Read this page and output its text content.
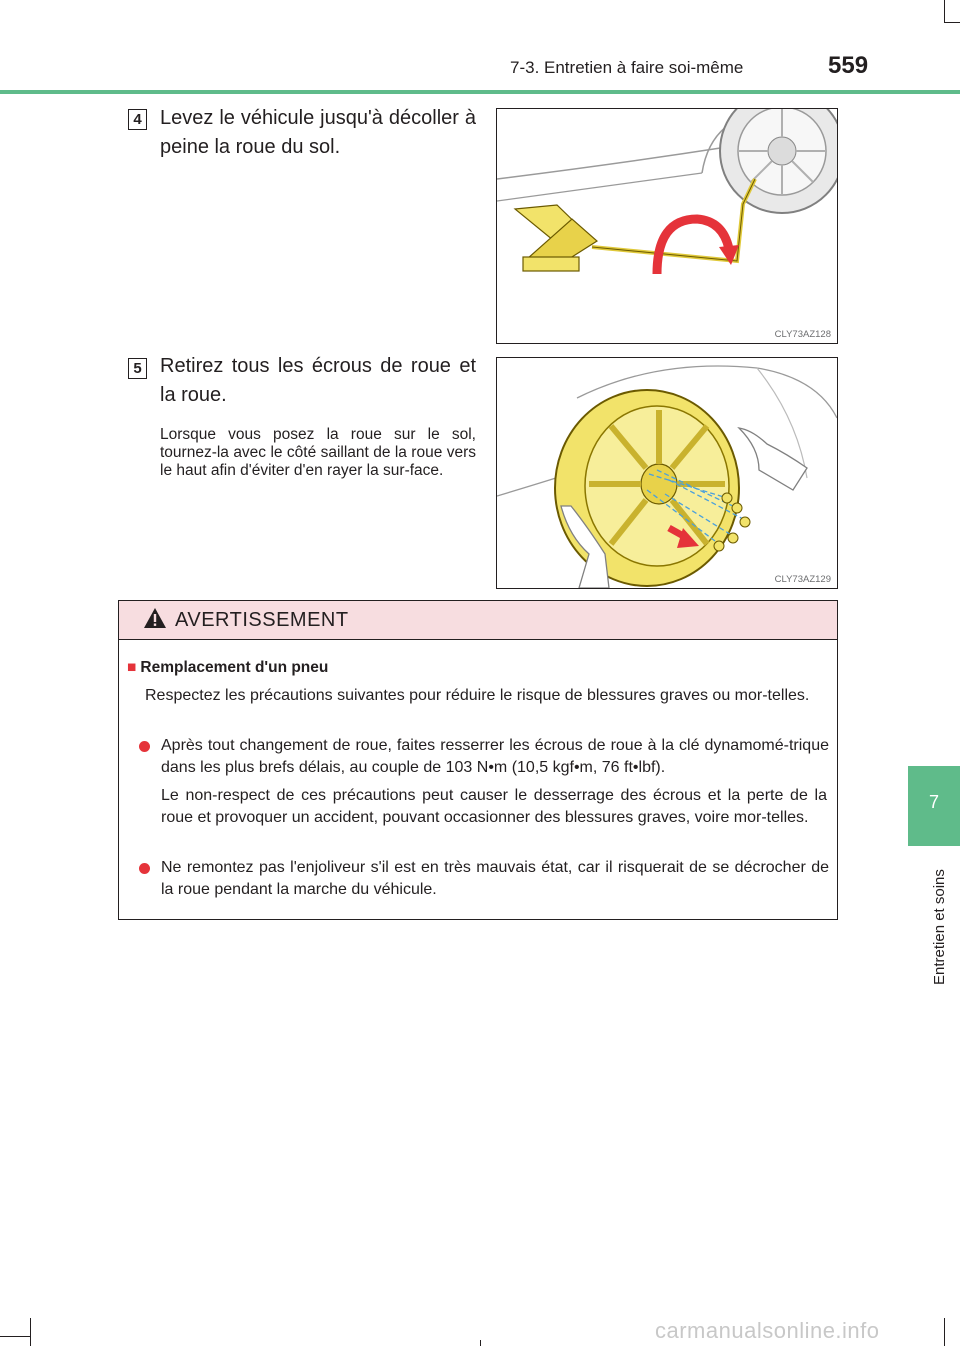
7-3. Entretien à faire soi-même	559
7
Entretien et soins
4 Levez le véhicule jusqu'à décoller à peine la roue du sol.
CLY73AZ128
5 Retirez tous les écrous de roue et la roue.
Lorsque vous posez la roue sur le sol, tournez-la avec le côté saillant de la roue vers le haut afin d'éviter d'en rayer la sur-face.
CLY73AZ129
AVERTISSEMENT
■ Remplacement d'un pneu
Respectez les précautions suivantes pour réduire le risque de blessures graves ou mor-telles.
Après tout changement de roue, faites resserrer les écrous de roue à la clé dynamomé-trique dans les plus brefs délais, au couple de 103 N•m (10,5 kgf•m, 76 ft•lbf).
Le non-respect de ces précautions peut causer le desserrage des écrous et la perte de la roue et provoquer un accident, pouvant occasionner des blessures graves, voire mor-telles.
Ne remontez pas l'enjoliveur s'il est en très mauvais état, car il risquerait de se décrocher de la roue pendant la marche du véhicule.
carmanualsonline.info
